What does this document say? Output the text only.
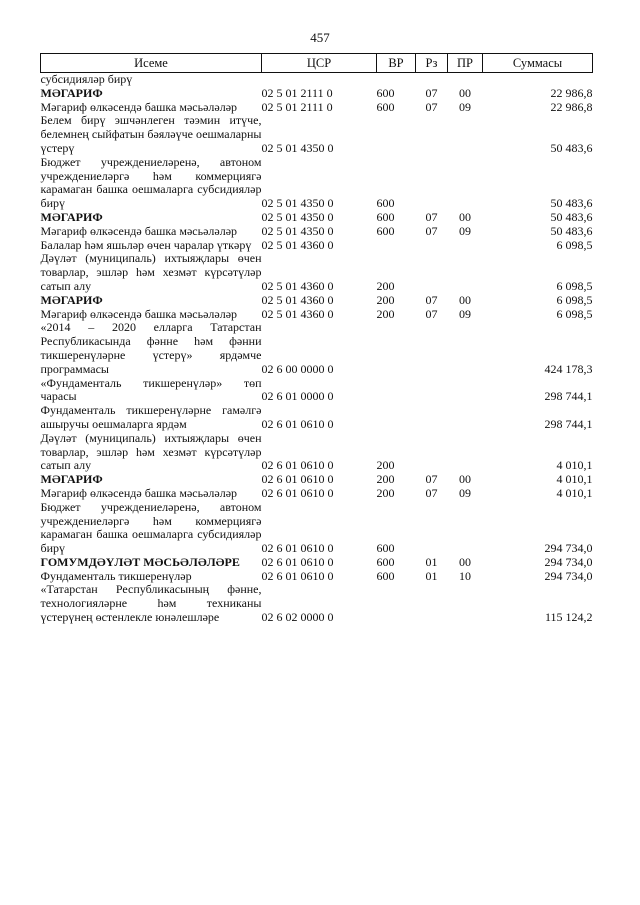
457
Исеме	ЦСР	ВР	Рз	ПР	Суммасы
субсидияләр бирү					
МӘГАРИФ	02 5 01 2111 0	600	07	00	22 986,8
Мәгариф өлкәсендә башка мәсьәләләр	02 5 01 2111 0	600	07	09	22 986,8
Белем бирү эшчәнлеген тәэмин итүче, белемнең сыйфатын бәяләүче оешмаларны үстерү	02 5 01 4350 0				50 483,6
Бюджет учреждениеләренә, автоном учреждениеләргә һәм коммерциягә карамаган башка оешмаларга субсидияләр бирү	02 5 01 4350 0	600			50 483,6
МӘГАРИФ	02 5 01 4350 0	600	07	00	50 483,6
Мәгариф өлкәсендә башка мәсьәләләр	02 5 01 4350 0	600	07	09	50 483,6
Балалар һәм яшьләр өчен чаралар үткәрү	02 5 01 4360 0				6 098,5
Дәүләт (муниципаль) ихтыяҗлары өчен товарлар, эшләр һәм хезмәт күрсәтүләр сатып алу	02 5 01 4360 0	200			6 098,5
МӘГАРИФ	02 5 01 4360 0	200	07	00	6 098,5
Мәгариф өлкәсендә башка мәсьәләләр	02 5 01 4360 0	200	07	09	6 098,5
«2014 – 2020 елларга Татарстан Республикасында фәнне һәм фәнни тикшеренүләрне үстерү» ярдәмче программасы	02 6 00 0000 0				424 178,3
«Фундаменталь тикшеренүләр» төп чарасы	02 6 01 0000 0				298 744,1
Фундаменталь тикшеренүләрне гамәлгә ашыручы оешмаларга ярдәм	02 6 01 0610 0				298 744,1
Дәүләт (муниципаль) ихтыяҗлары өчен товарлар, эшләр һәм хезмәт күрсәтүләр сатып алу	02 6 01 0610 0	200			4 010,1
МӘГАРИФ	02 6 01 0610 0	200	07	00	4 010,1
Мәгариф өлкәсендә башка мәсьәләләр	02 6 01 0610 0	200	07	09	4 010,1
Бюджет учреждениеләренә, автоном учреждениеләргә һәм коммерциягә карамаган башка оешмаларга субсидияләр бирү	02 6 01 0610 0	600			294 734,0
ГОМУМДӘҮЛӘТ МӘСЬӘЛӘЛӘРЕ	02 6 01 0610 0	600	01	00	294 734,0
Фундаменталь тикшеренүләр	02 6 01 0610 0	600	01	10	294 734,0
«Татарстан Республикасының фәнне, технологияләрне һәм техниканы үстерүнең өстенлекле юнәлешләре	02 6 02 0000 0				115 124,2
